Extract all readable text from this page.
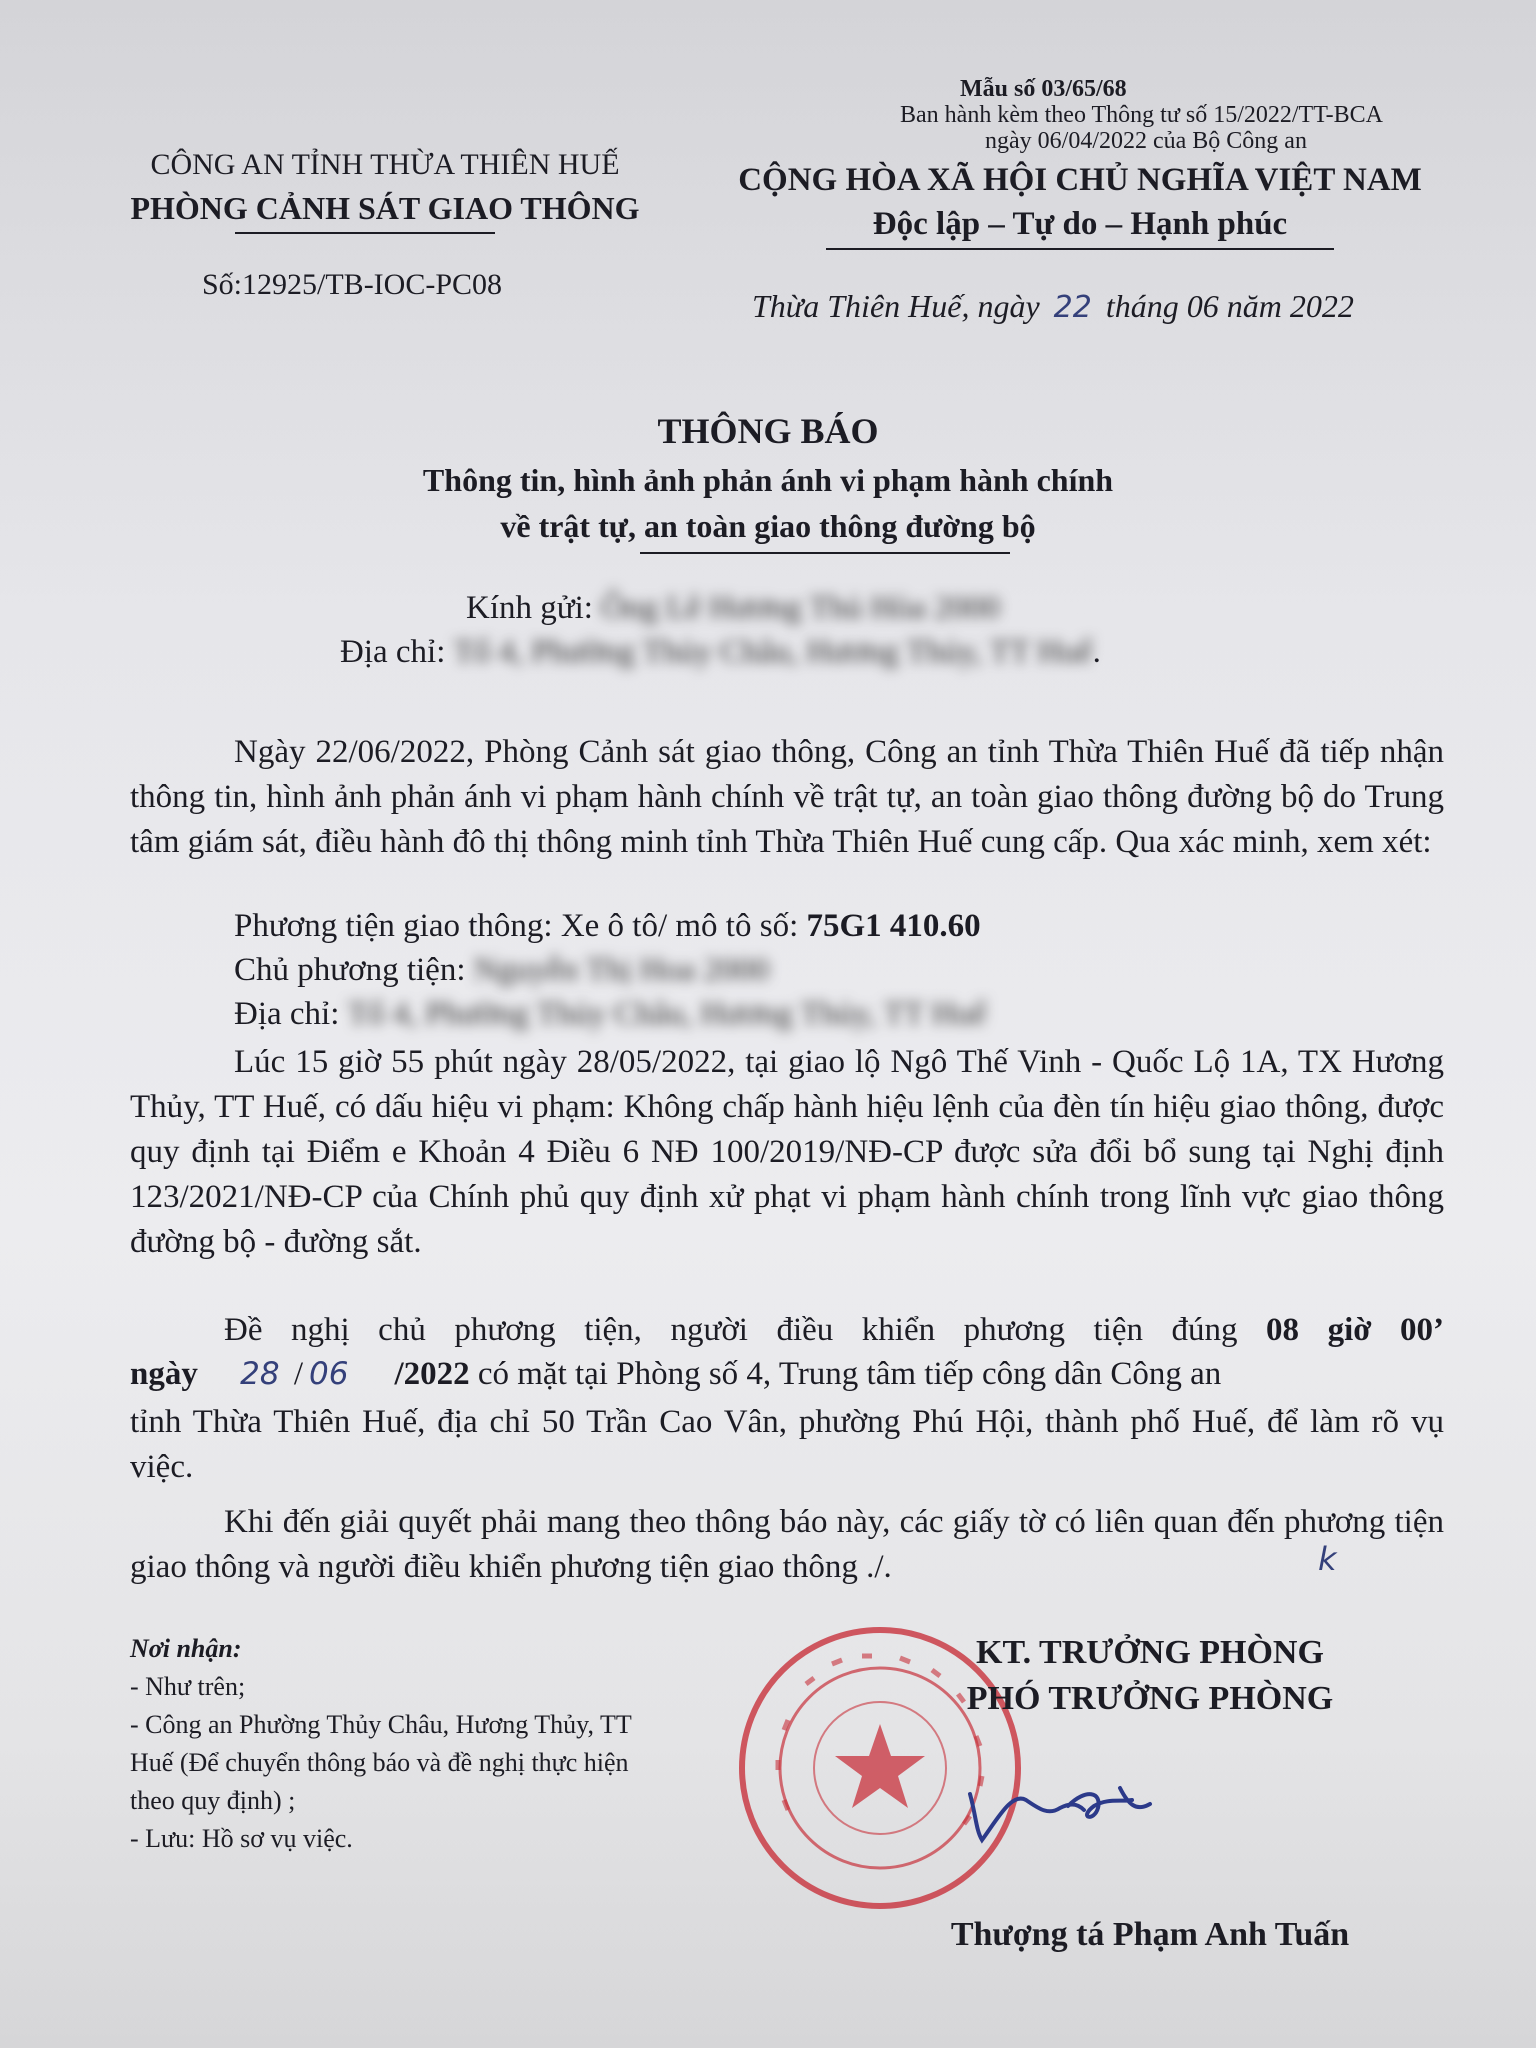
Mẫu số 03/65/68
Ban hành kèm theo Thông tư số 15/2022/TT-BCA
ngày 06/04/2022 của Bộ Công an
CÔNG AN TỈNH THỪA THIÊN HUẾ
PHÒNG CẢNH SÁT GIAO THÔNG
Số:12925/TB-IOC-PC08
CỘNG HÒA XÃ HỘI CHỦ NGHĨA VIỆT NAM
Độc lập – Tự do – Hạnh phúc
Thừa Thiên Huế, ngày 22 tháng 06 năm 2022
THÔNG BÁO
Thông tin, hình ảnh phản ánh vi phạm hành chính
về trật tự, an toàn giao thông đường bộ
Kính gửi: Ông Lê Hương Thủ Hòa 2000
Địa chỉ: Tổ 4, Phường Thủy Châu, Hương Thủy, TT Huế.
Ngày 22/06/2022, Phòng Cảnh sát giao thông, Công an tỉnh Thừa Thiên Huế đã tiếp nhận thông tin, hình ảnh phản ánh vi phạm hành chính về trật tự, an toàn giao thông đường bộ do Trung tâm giám sát, điều hành đô thị thông minh tỉnh Thừa Thiên Huế cung cấp. Qua xác minh, xem xét:
Phương tiện giao thông: Xe ô tô/ mô tô số: 75G1 410.60
Chủ phương tiện: Nguyễn Thị Hoa 2000
Địa chỉ: Tổ 4, Phường Thủy Châu, Hương Thủy, TT Huế
Lúc 15 giờ 55 phút ngày 28/05/2022, tại giao lộ Ngô Thế Vinh - Quốc Lộ 1A, TX Hương Thủy, TT Huế, có dấu hiệu vi phạm: Không chấp hành hiệu lệnh của đèn tín hiệu giao thông, được quy định tại Điểm e Khoản 4 Điều 6 NĐ 100/2019/NĐ-CP được sửa đổi bổ sung tại Nghị định 123/2021/NĐ-CP của Chính phủ quy định xử phạt vi phạm hành chính trong lĩnh vực giao thông đường bộ - đường sắt.
Đề nghị chủ phương tiện, người điều khiển phương tiện đúng 08 giờ 00’
ngày 28 / 06 /2022 có mặt tại Phòng số 4, Trung tâm tiếp công dân Công an
tỉnh Thừa Thiên Huế, địa chỉ 50 Trần Cao Vân, phường Phú Hội, thành phố Huế, để làm rõ vụ việc.
Khi đến giải quyết phải mang theo thông báo này, các giấy tờ có liên quan đến phương tiện giao thông và người điều khiển phương tiện giao thông ./.	k
Nơi nhận:
- Như trên;
- Công an Phường Thủy Châu, Hương Thủy, TT
Huế (Để chuyển thông báo và đề nghị thực hiện
theo quy định) ;
- Lưu: Hồ sơ vụ việc.
KT. TRƯỞNG PHÒNG
PHÓ TRƯỞNG PHÒNG
Thượng tá Phạm Anh Tuấn
